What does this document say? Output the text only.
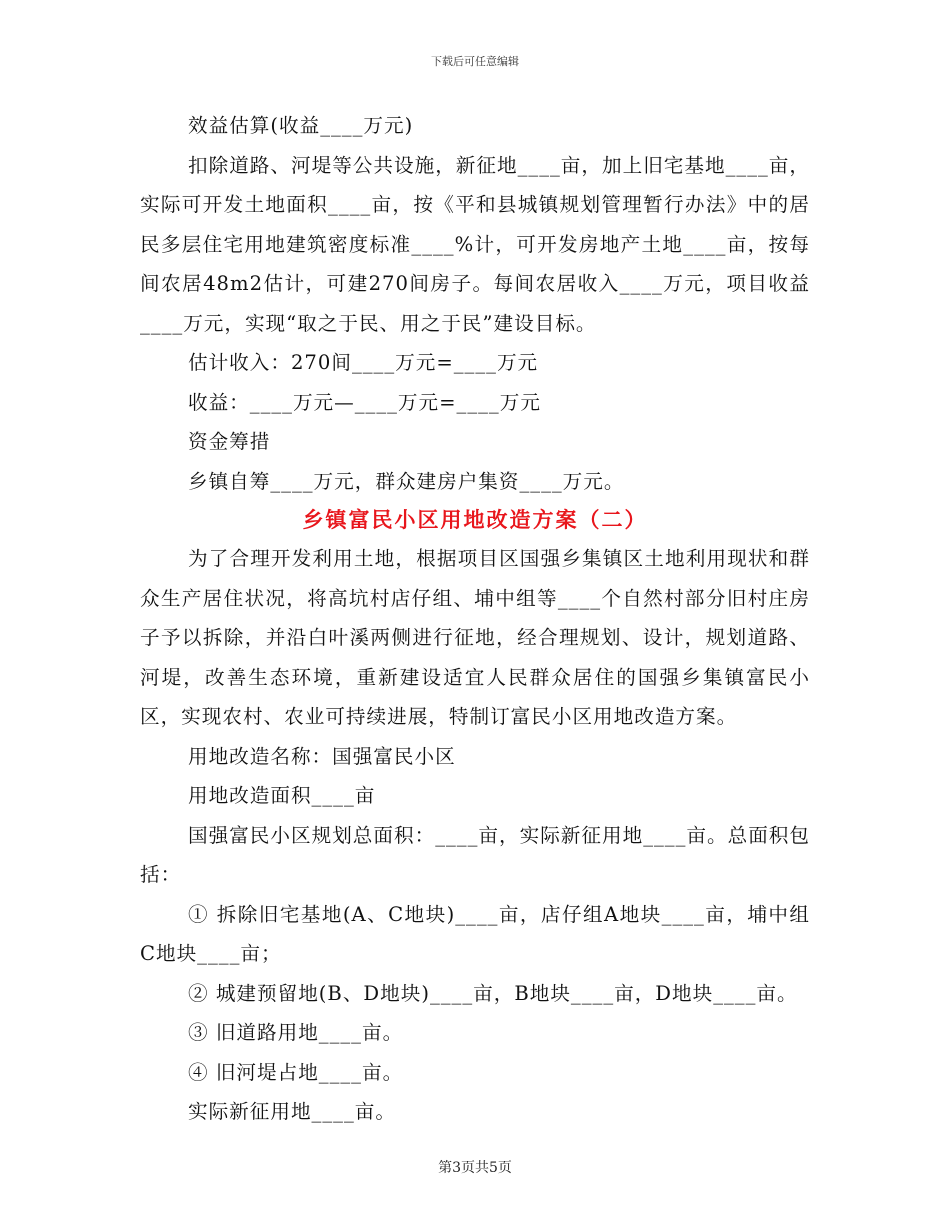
下载后可任意编辑

效益估算(收益____万元)

扣除道路、河堤等公共设施，新征地____亩，加上旧宅基地____亩，实际可开发土地面积____亩，按《平和县城镇规划管理暂行办法》中的居民多层住宅用地建筑密度标准____%计，可开发房地产土地____亩，按每间农居48m2估计，可建270间房子。每间农居收入____万元，项目收益____万元，实现“取之于民、用之于民”建设目标。

估计收入：270间____万元=____万元

收益：____万元—____万元=____万元

资金筹措

乡镇自筹____万元，群众建房户集资____万元。

乡镇富民小区用地改造方案（二）

为了合理开发利用土地，根据项目区国强乡集镇区土地利用现状和群众生产居住状况，将高坑村店仔组、埔中组等____个自然村部分旧村庄房子予以拆除，并沿白叶溪两侧进行征地，经合理规划、设计，规划道路、河堤，改善生态环境，重新建设适宜人民群众居住的国强乡集镇富民小区，实现农村、农业可持续进展，特制订富民小区用地改造方案。

用地改造名称：国强富民小区

用地改造面积____亩

国强富民小区规划总面积：____亩，实际新征用地____亩。总面积包括：

① 拆除旧宅基地(A、C地块)____亩，店仔组A地块____亩，埔中组C地块____亩；

② 城建预留地(B、D地块)____亩，B地块____亩，D地块____亩。

③ 旧道路用地____亩。

④ 旧河堤占地____亩。

实际新征用地____亩。

第3页共5页
